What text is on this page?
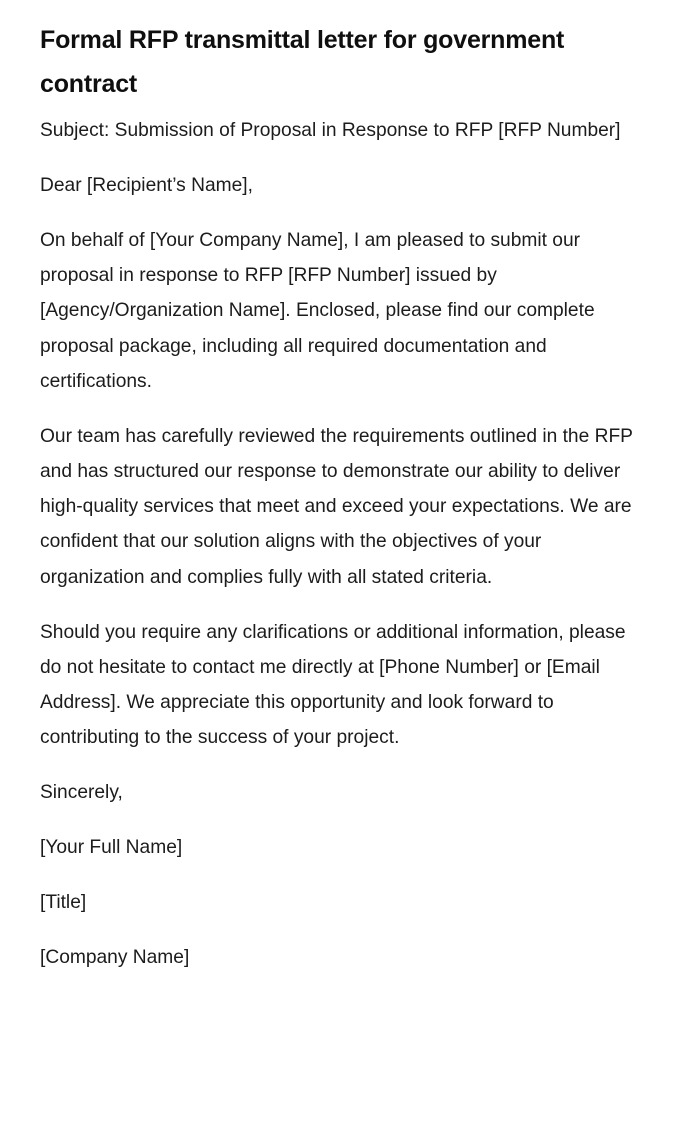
Formal RFP transmittal letter for government contract

Subject: Submission of Proposal in Response to RFP [RFP Number]

Dear [Recipient’s Name],

On behalf of [Your Company Name], I am pleased to submit our proposal in response to RFP [RFP Number] issued by [Agency/Organization Name]. Enclosed, please find our complete proposal package, including all required documentation and certifications.

Our team has carefully reviewed the requirements outlined in the RFP and has structured our response to demonstrate our ability to deliver high-quality services that meet and exceed your expectations. We are confident that our solution aligns with the objectives of your organization and complies fully with all stated criteria.

Should you require any clarifications or additional information, please do not hesitate to contact me directly at [Phone Number] or [Email Address]. We appreciate this opportunity and look forward to contributing to the success of your project.

Sincerely,

[Your Full Name]

[Title]

[Company Name]
